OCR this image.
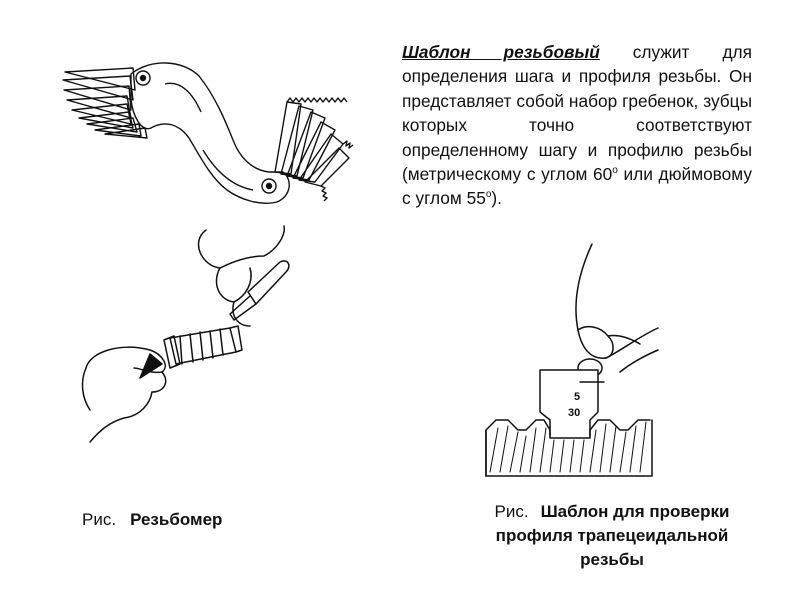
5
30
Шаблон резьбовый служит для определения шага и профиля резьбы. Он представляет собой набор гребенок, зубцы которых точно соответствуют определенному шагу и профилю резьбы (метрическому с углом 60$^o$ или дюймовому с углом 55$^o$).
Рис. Резьбомер	Рис. Шаблон для проверки профиля трапецеидальной резьбы
